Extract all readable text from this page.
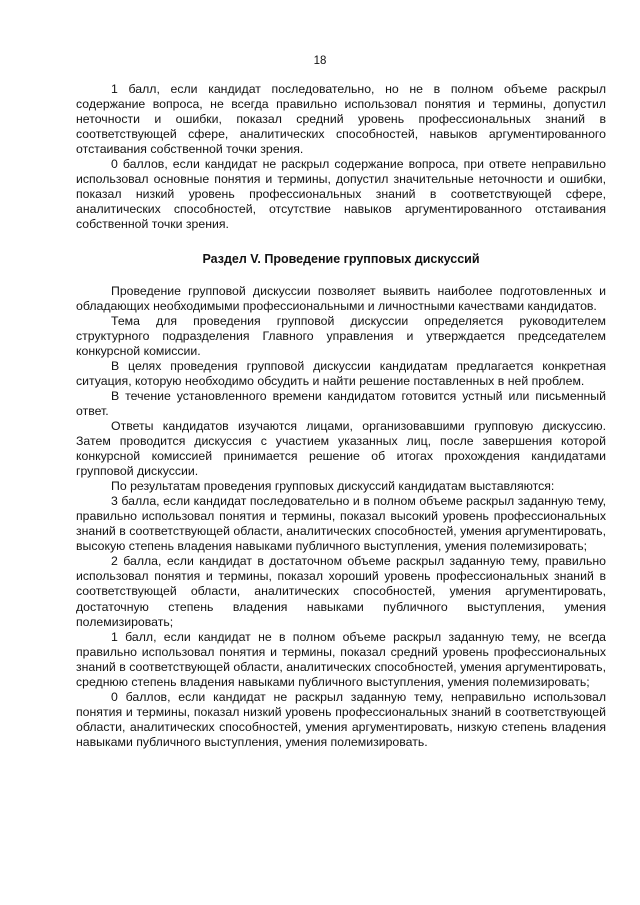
18

1 балл, если кандидат последовательно, но не в полном объеме раскрыл содержание вопроса, не всегда правильно использовал понятия и термины, допустил неточности и ошибки, показал средний уровень профессиональных знаний в соответствующей сфере, аналитических способностей, навыков аргументированного отстаивания собственной точки зрения.

0 баллов, если кандидат не раскрыл содержание вопроса, при ответе неправильно использовал основные понятия и термины, допустил значительные неточности и ошибки, показал низкий уровень профессиональных знаний в соответствующей сфере, аналитических способностей, отсутствие навыков аргументированного отстаивания собственной точки зрения.

Раздел V. Проведение групповых дискуссий

Проведение групповой дискуссии позволяет выявить наиболее подготовленных и обладающих необходимыми профессиональными и личностными качествами кандидатов.

Тема для проведения групповой дискуссии определяется руководителем структурного подразделения Главного управления и утверждается председателем конкурсной комиссии.

В целях проведения групповой дискуссии кандидатам предлагается конкретная ситуация, которую необходимо обсудить и найти решение поставленных в ней проблем.

В течение установленного времени кандидатом готовится устный или письменный ответ.

Ответы кандидатов изучаются лицами, организовавшими групповую дискуссию. Затем проводится дискуссия с участием указанных лиц, после завершения которой конкурсной комиссией принимается решение об итогах прохождения кандидатами групповой дискуссии.

По результатам проведения групповых дискуссий кандидатам выставляются:

3 балла, если кандидат последовательно и в полном объеме раскрыл заданную тему, правильно использовал понятия и термины, показал высокий уровень профессиональных знаний в соответствующей области, аналитических способностей, умения аргументировать, высокую степень владения навыками публичного выступления, умения полемизировать;

2 балла, если кандидат в достаточном объеме раскрыл заданную тему, правильно использовал понятия и термины, показал хороший уровень профессиональных знаний в соответствующей области, аналитических способностей, умения аргументировать, достаточную степень владения навыками публичного выступления, умения полемизировать;

1 балл, если кандидат не в полном объеме раскрыл заданную тему, не всегда правильно использовал понятия и термины, показал средний уровень профессиональных знаний в соответствующей области, аналитических способностей, умения аргументировать, среднюю степень владения навыками публичного выступления, умения полемизировать;

0 баллов, если кандидат не раскрыл заданную тему, неправильно использовал понятия и термины, показал низкий уровень профессиональных знаний в соответствующей области, аналитических способностей, умения аргументировать, низкую степень владения навыками публичного выступления, умения полемизировать.
